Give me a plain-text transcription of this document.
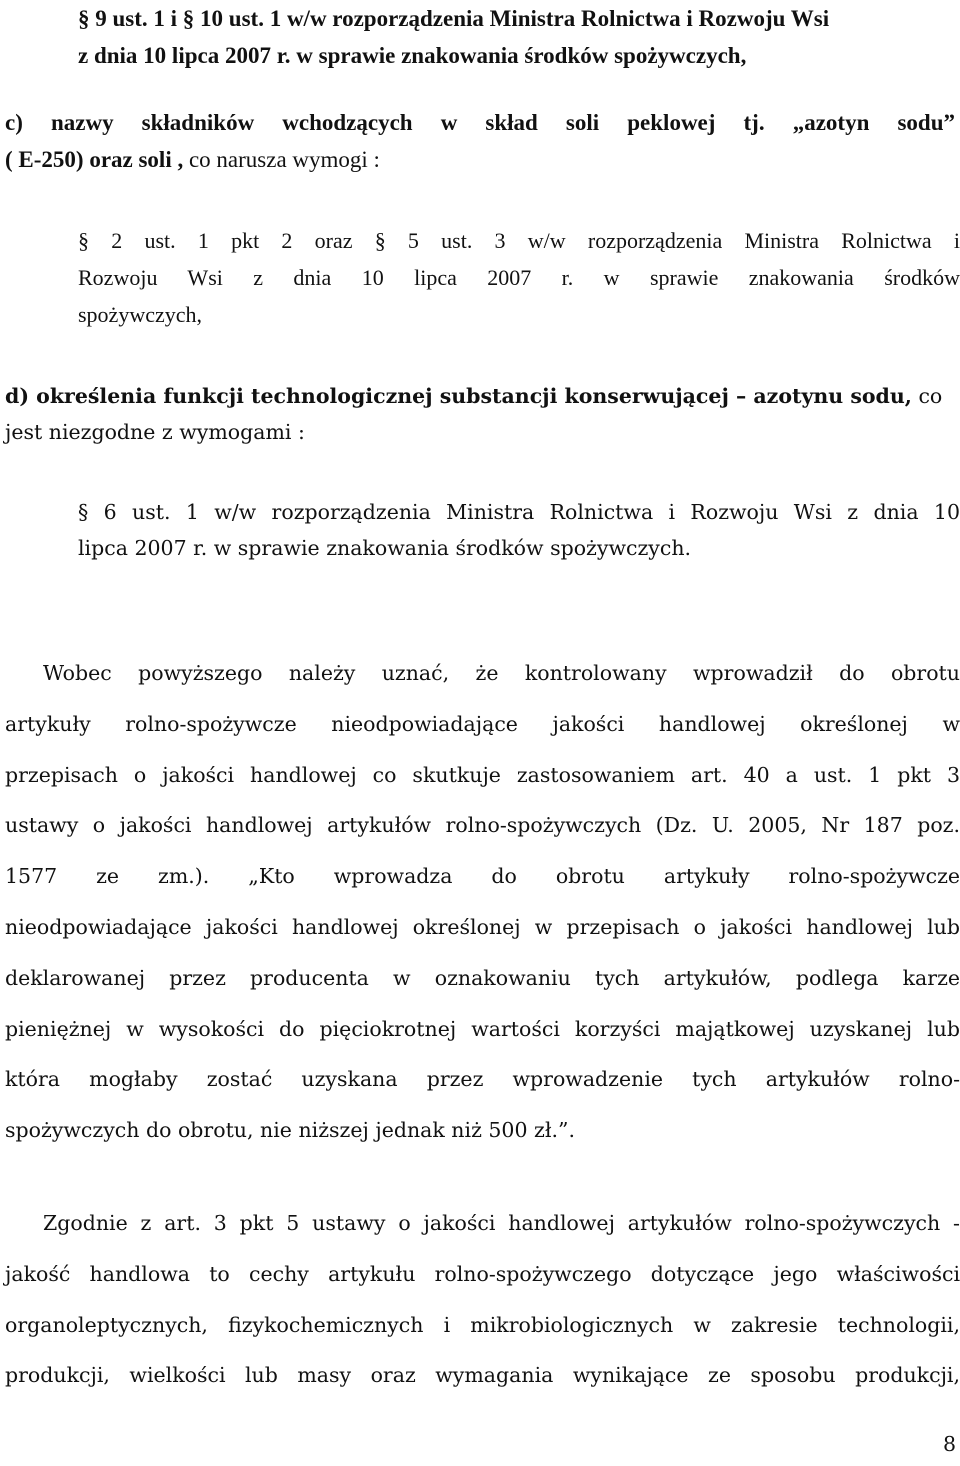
§ 9 ust. 1 i § 10 ust. 1 w/w rozporządzenia Ministra Rolnictwa i Rozwoju Wsi
z dnia 10 lipca 2007 r. w sprawie znakowania środków spożywczych,
c) nazwy składników wchodzących w skład soli peklowej tj. „azotyn sodu”
( E-250) oraz soli , co narusza wymogi :
§ 2 ust. 1 pkt 2 oraz § 5 ust. 3 w/w rozporządzenia Ministra Rolnictwa i
Rozwoju Wsi z dnia 10 lipca 2007 r. w sprawie znakowania środków
spożywczych,
d) określenia funkcji technologicznej substancji konserwującej – azotynu sodu, co
jest niezgodne z wymogami :
§ 6 ust. 1 w/w rozporządzenia Ministra Rolnictwa i Rozwoju Wsi z dnia 10
lipca 2007 r. w sprawie znakowania środków spożywczych.
Wobec powyższego należy uznać, że kontrolowany wprowadził do obrotu
artykuły rolno-spożywcze nieodpowiadające jakości handlowej określonej w
przepisach o jakości handlowej co skutkuje zastosowaniem art. 40 a ust. 1 pkt 3
ustawy o jakości handlowej artykułów rolno-spożywczych (Dz. U. 2005, Nr 187 poz.
1577 ze zm.). „Kto wprowadza do obrotu artykuły rolno-spożywcze
nieodpowiadające jakości handlowej określonej w przepisach o jakości handlowej lub
deklarowanej przez producenta w oznakowaniu tych artykułów, podlega karze
pieniężnej w wysokości do pięciokrotnej wartości korzyści majątkowej uzyskanej lub
która mogłaby zostać uzyskana przez wprowadzenie tych artykułów rolno-
spożywczych do obrotu, nie niższej jednak niż 500 zł.”.
Zgodnie z art. 3 pkt 5 ustawy o jakości handlowej artykułów rolno-spożywczych -
jakość handlowa to cechy artykułu rolno-spożywczego dotyczące jego właściwości
organoleptycznych, fizykochemicznych i mikrobiologicznych w zakresie technologii,
produkcji, wielkości lub masy oraz wymagania wynikające ze sposobu produkcji,
8
